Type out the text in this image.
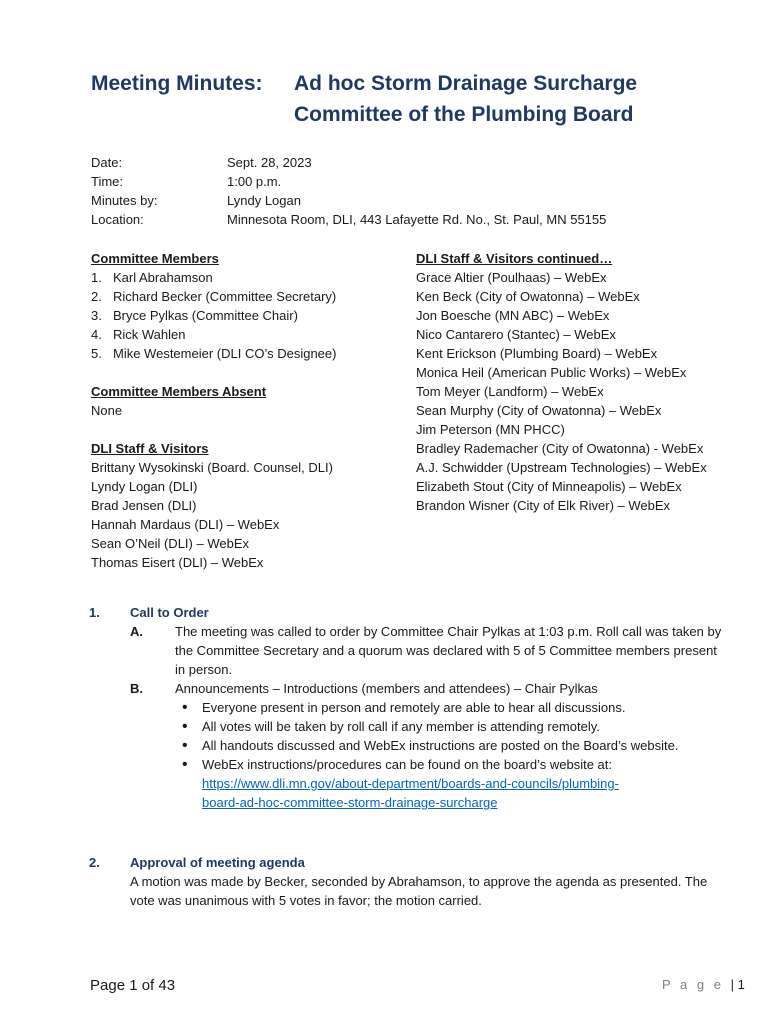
Meeting Minutes: Ad hoc Storm Drainage Surcharge
Committee of the Plumbing Board
Date:	Sept. 28, 2023
Time:	1:00 p.m.
Minutes by:	Lyndy Logan
Location:	Minnesota Room, DLI, 443 Lafayette Rd. No., St. Paul, MN 55155
Committee Members
1. Karl Abrahamson
2. Richard Becker (Committee Secretary)
3. Bryce Pylkas (Committee Chair)
4. Rick Wahlen
5. Mike Westemeier (DLI CO’s Designee)
Committee Members Absent
None
DLI Staff & Visitors
Brittany Wysokinski (Board. Counsel, DLI)
Lyndy Logan (DLI)
Brad Jensen (DLI)
Hannah Mardaus (DLI) – WebEx
Sean O’Neil (DLI) – WebEx
Thomas Eisert (DLI) – WebEx
DLI Staff & Visitors continued…
Grace Altier (Poulhaas) – WebEx
Ken Beck (City of Owatonna) – WebEx
Jon Boesche (MN ABC) – WebEx
Nico Cantarero (Stantec) – WebEx
Kent Erickson (Plumbing Board) – WebEx
Monica Heil (American Public Works) – WebEx
Tom Meyer (Landform) – WebEx
Sean Murphy (City of Owatonna) – WebEx
Jim Peterson (MN PHCC)
Bradley Rademacher (City of Owatonna) - WebEx
A.J. Schwidder (Upstream Technologies) – WebEx
Elizabeth Stout (City of Minneapolis) – WebEx
Brandon Wisner (City of Elk River) – WebEx
1. Call to Order
A. The meeting was called to order by Committee Chair Pylkas at 1:03 p.m. Roll call was taken by the Committee Secretary and a quorum was declared with 5 of 5 Committee members present in person.
B. Announcements – Introductions (members and attendees) – Chair Pylkas
• Everyone present in person and remotely are able to hear all discussions.
• All votes will be taken by roll call if any member is attending remotely.
• All handouts discussed and WebEx instructions are posted on the Board’s website.
• WebEx instructions/procedures can be found on the board’s website at:
https://www.dli.mn.gov/about-department/boards-and-councils/plumbing-
board-ad-hoc-committee-storm-drainage-surcharge
2. Approval of meeting agenda
A motion was made by Becker, seconded by Abrahamson, to approve the agenda as presented. The vote was unanimous with 5 votes in favor; the motion carried.
Page 1 of 43	P a g e | 1
